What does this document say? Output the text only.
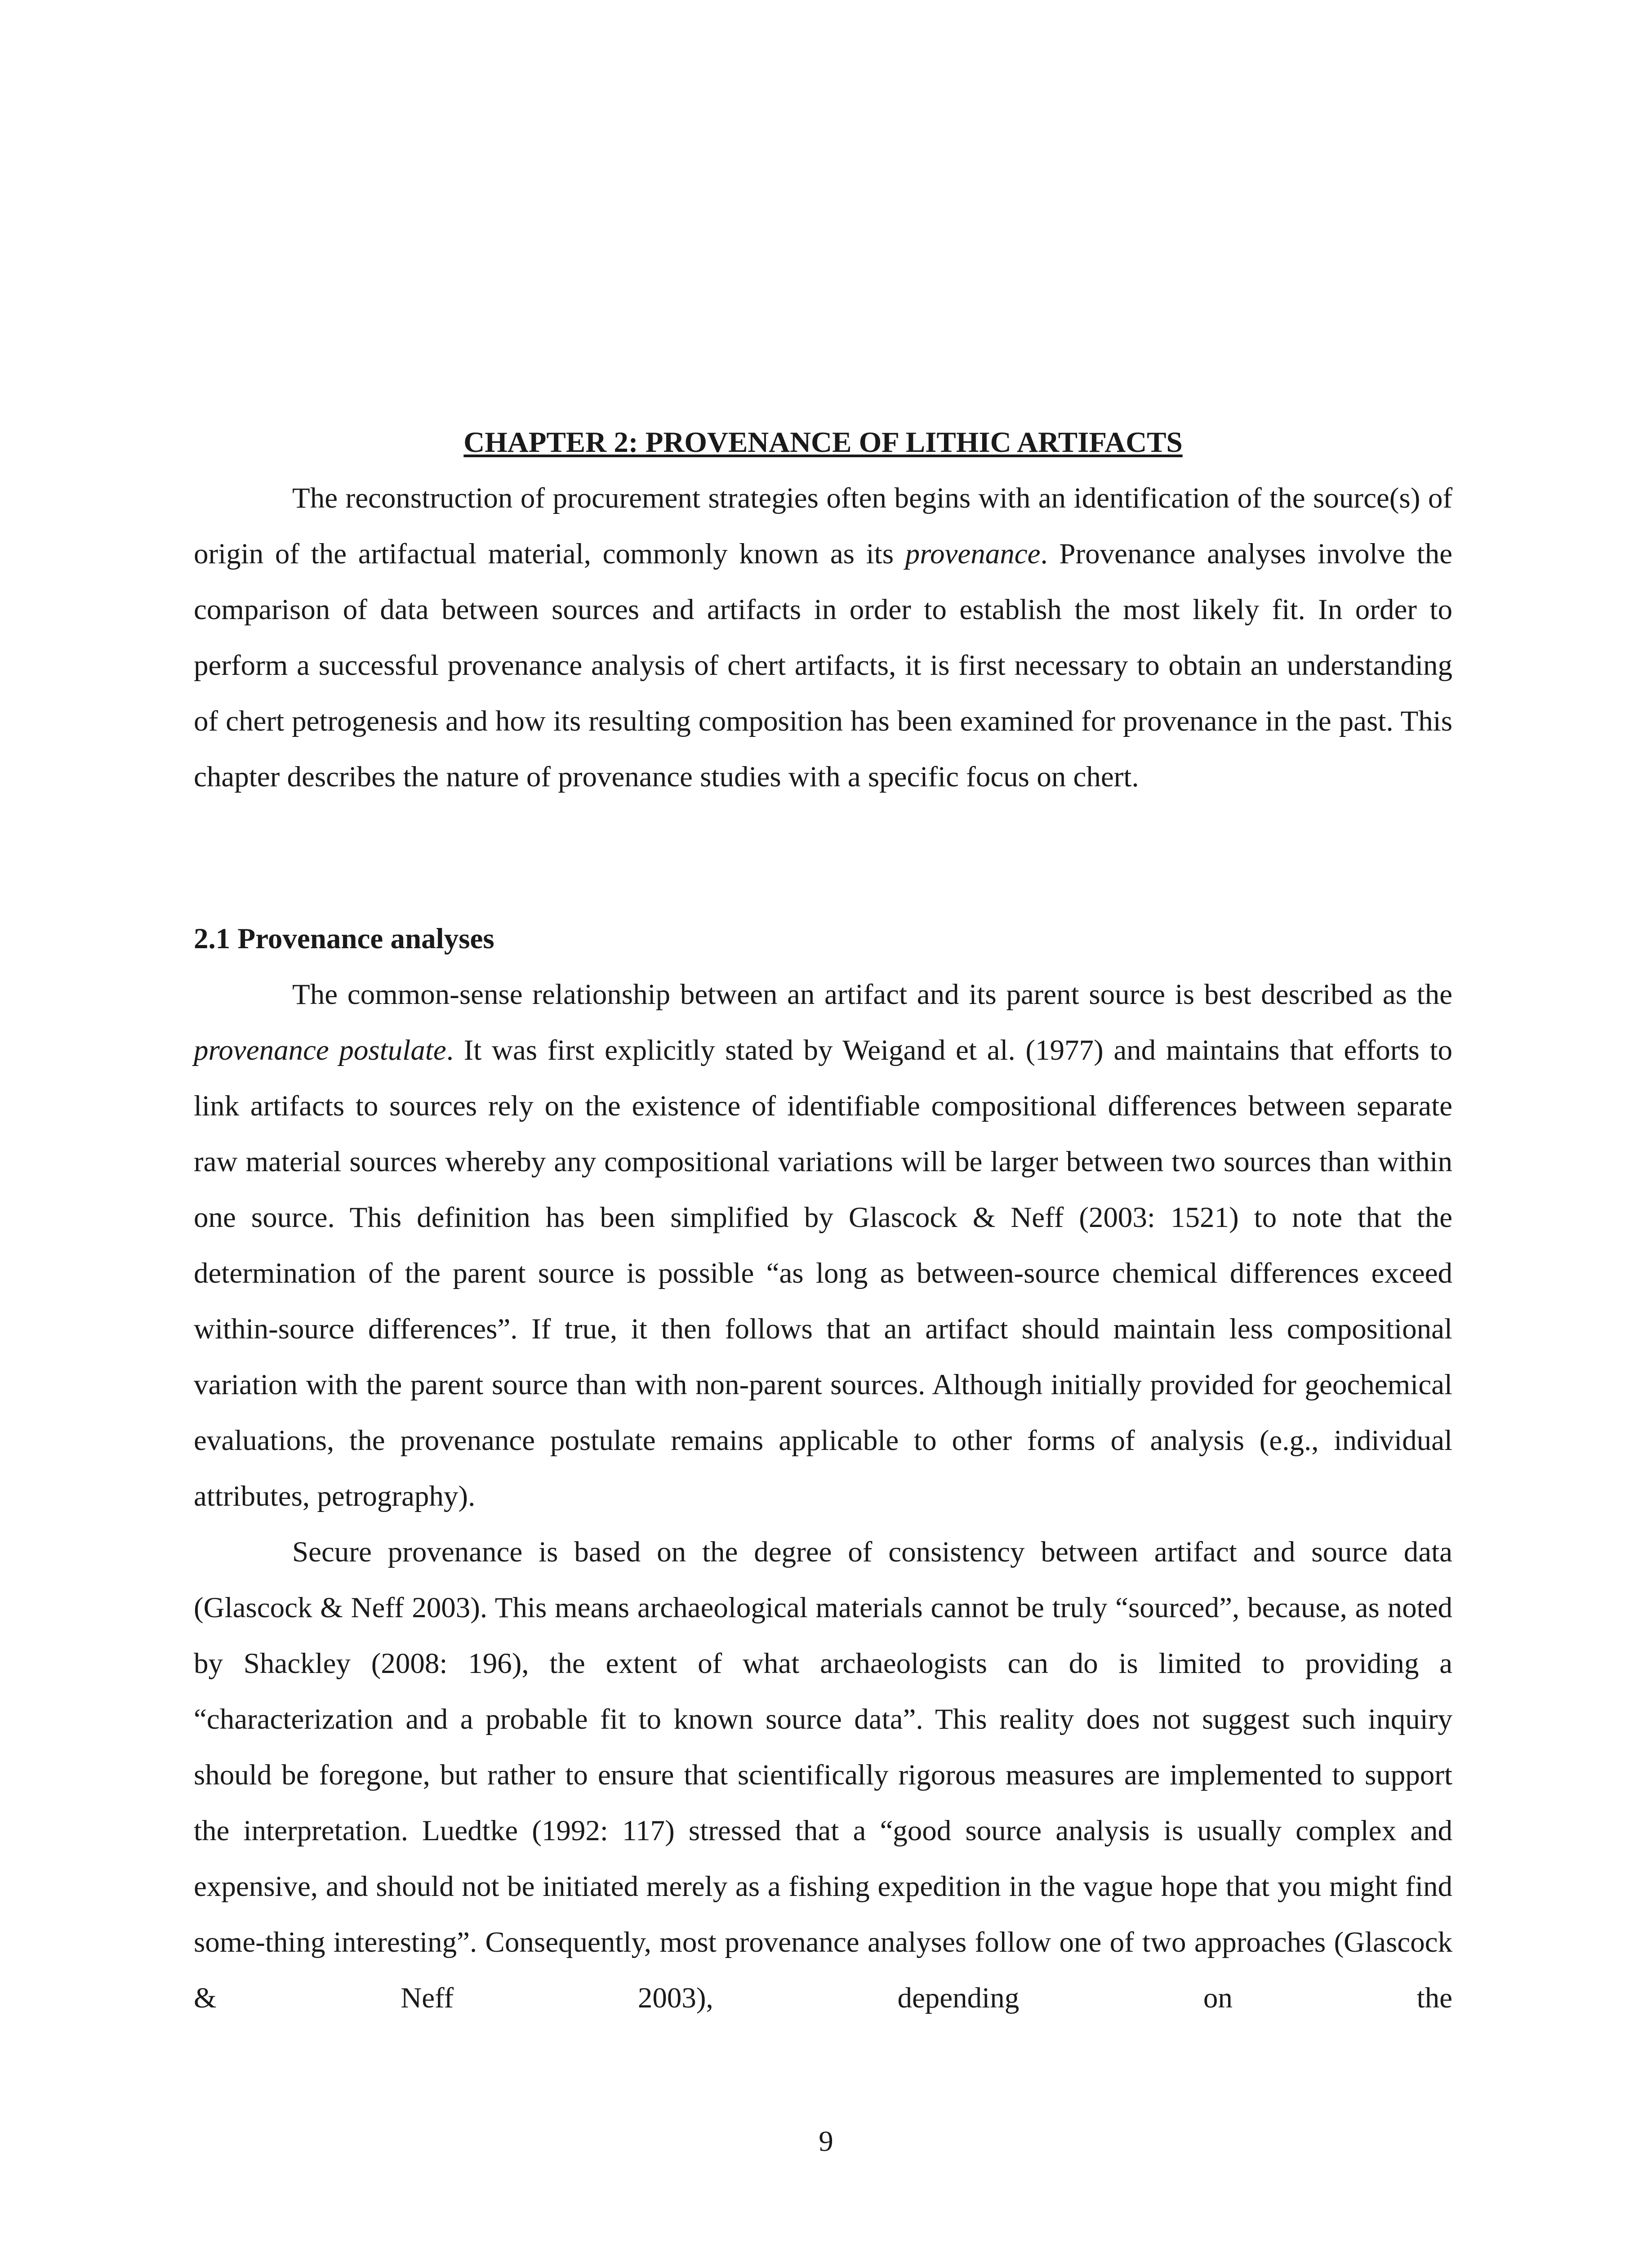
CHAPTER 2: PROVENANCE OF LITHIC ARTIFACTS

The reconstruction of procurement strategies often begins with an identification of the source(s) of origin of the artifactual material, commonly known as its provenance. Provenance analyses involve the comparison of data between sources and artifacts in order to establish the most likely fit. In order to perform a successful provenance analysis of chert artifacts, it is first necessary to obtain an understanding of chert petrogenesis and how its resulting composition has been examined for provenance in the past. This chapter describes the nature of provenance studies with a specific focus on chert.

2.1 Provenance analyses

The common-sense relationship between an artifact and its parent source is best described as the provenance postulate. It was first explicitly stated by Weigand et al. (1977) and maintains that efforts to link artifacts to sources rely on the existence of identifiable compositional differences between separate raw material sources whereby any compositional variations will be larger between two sources than within one source. This definition has been simplified by Glascock & Neff (2003: 1521) to note that the determination of the parent source is possible “as long as between-source chemical differences exceed within-source differences”. If true, it then follows that an artifact should maintain less compositional variation with the parent source than with non-parent sources. Although initially provided for geochemical evaluations, the provenance postulate remains applicable to other forms of analysis (e.g., individual attributes, petrography).

Secure provenance is based on the degree of consistency between artifact and source data (Glascock & Neff 2003). This means archaeological materials cannot be truly “sourced”, because, as noted by Shackley (2008: 196), the extent of what archaeologists can do is limited to providing a “characterization and a probable fit to known source data”. This reality does not suggest such inquiry should be foregone, but rather to ensure that scientifically rigorous measures are implemented to support the interpretation. Luedtke (1992: 117) stressed that a “good source analysis is usually complex and expensive, and should not be initiated merely as a fishing expedition in the vague hope that you might find some-thing interesting”. Consequently, most provenance analyses follow one of two approaches (Glascock & Neff 2003), depending on the

9
